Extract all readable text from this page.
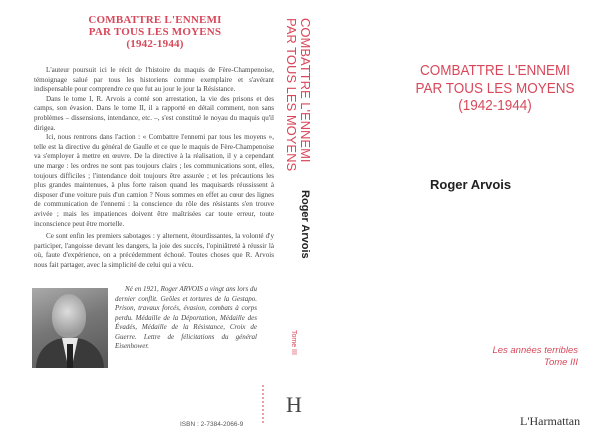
COMBATTRE L'ENNEMI
PAR TOUS LES MOYENS
(1942-1944)

L'auteur poursuit ici le récit de l'histoire du maquis de Fère-Champenoise, témoignage salué par tous les historiens comme exemplaire et s'avérant indispensable pour comprendre ce que fut au jour le jour la Résistance.

Dans le tome I, R. Arvois a conté son arrestation, la vie des prisons et des camps, son évasion. Dans le tome II, il a rapporté en détail comment, non sans problèmes – dissensions, intendance, etc. –, s'est constitué le noyau du maquis qu'il dirigea.

Ici, nous rentrons dans l'action : « Combattre l'ennemi par tous les moyens », telle est la directive du général de Gaulle et ce que le maquis de Fère-Champenoise va s'employer à mettre en œuvre. De la directive à la réalisation, il y a cependant une marge : les ordres ne sont pas toujours clairs ; les communications sont, elles, toujours difficiles ; l'intendance doit toujours être assurée ; et les précautions les plus grandes maintenues, à plus forte raison quand les maquisards réussissent à disposer d'une voiture puis d'un camion ? Nous sommes en effet au cœur des lignes de communication de l'ennemi : la conscience du rôle des résistants s'en trouve avivée ; mais les impatiences doivent être maîtrisées car toute erreur, toute inconscience peut être mortelle.

Ce sont enfin les premiers sabotages : y alternent, étourdissantes, la volonté d'y participer, l'angoisse devant les dangers, la joie des succès, l'opiniâtreté à réussir là où, faute d'expérience, on a précédemment échoué. Toutes choses que R. Arvois nous fait partager, avec la simplicité de celui qui a vécu.

Né en 1921, Roger ARVOIS a vingt ans lors du dernier conflit. Geôles et tortures de la Gestapo. Prison, travaux forcés, évasion, combats à corps perdu. Médaille de la Déportation, Médaille des Évadés, Médaille de la Résistance, Croix de Guerre. Lettre de félicitations du général Eisenhower.

ISBN : 2-7384-2066-9
COMBATTRE L'ENNEMI
PAR TOUS LES MOYENS
Roger Arvois
Tome III
H
COMBATTRE L'ENNEMI
PAR TOUS LES MOYENS
(1942-1944)
Roger Arvois
Les années terribles
Tome III
L'Harmattan
